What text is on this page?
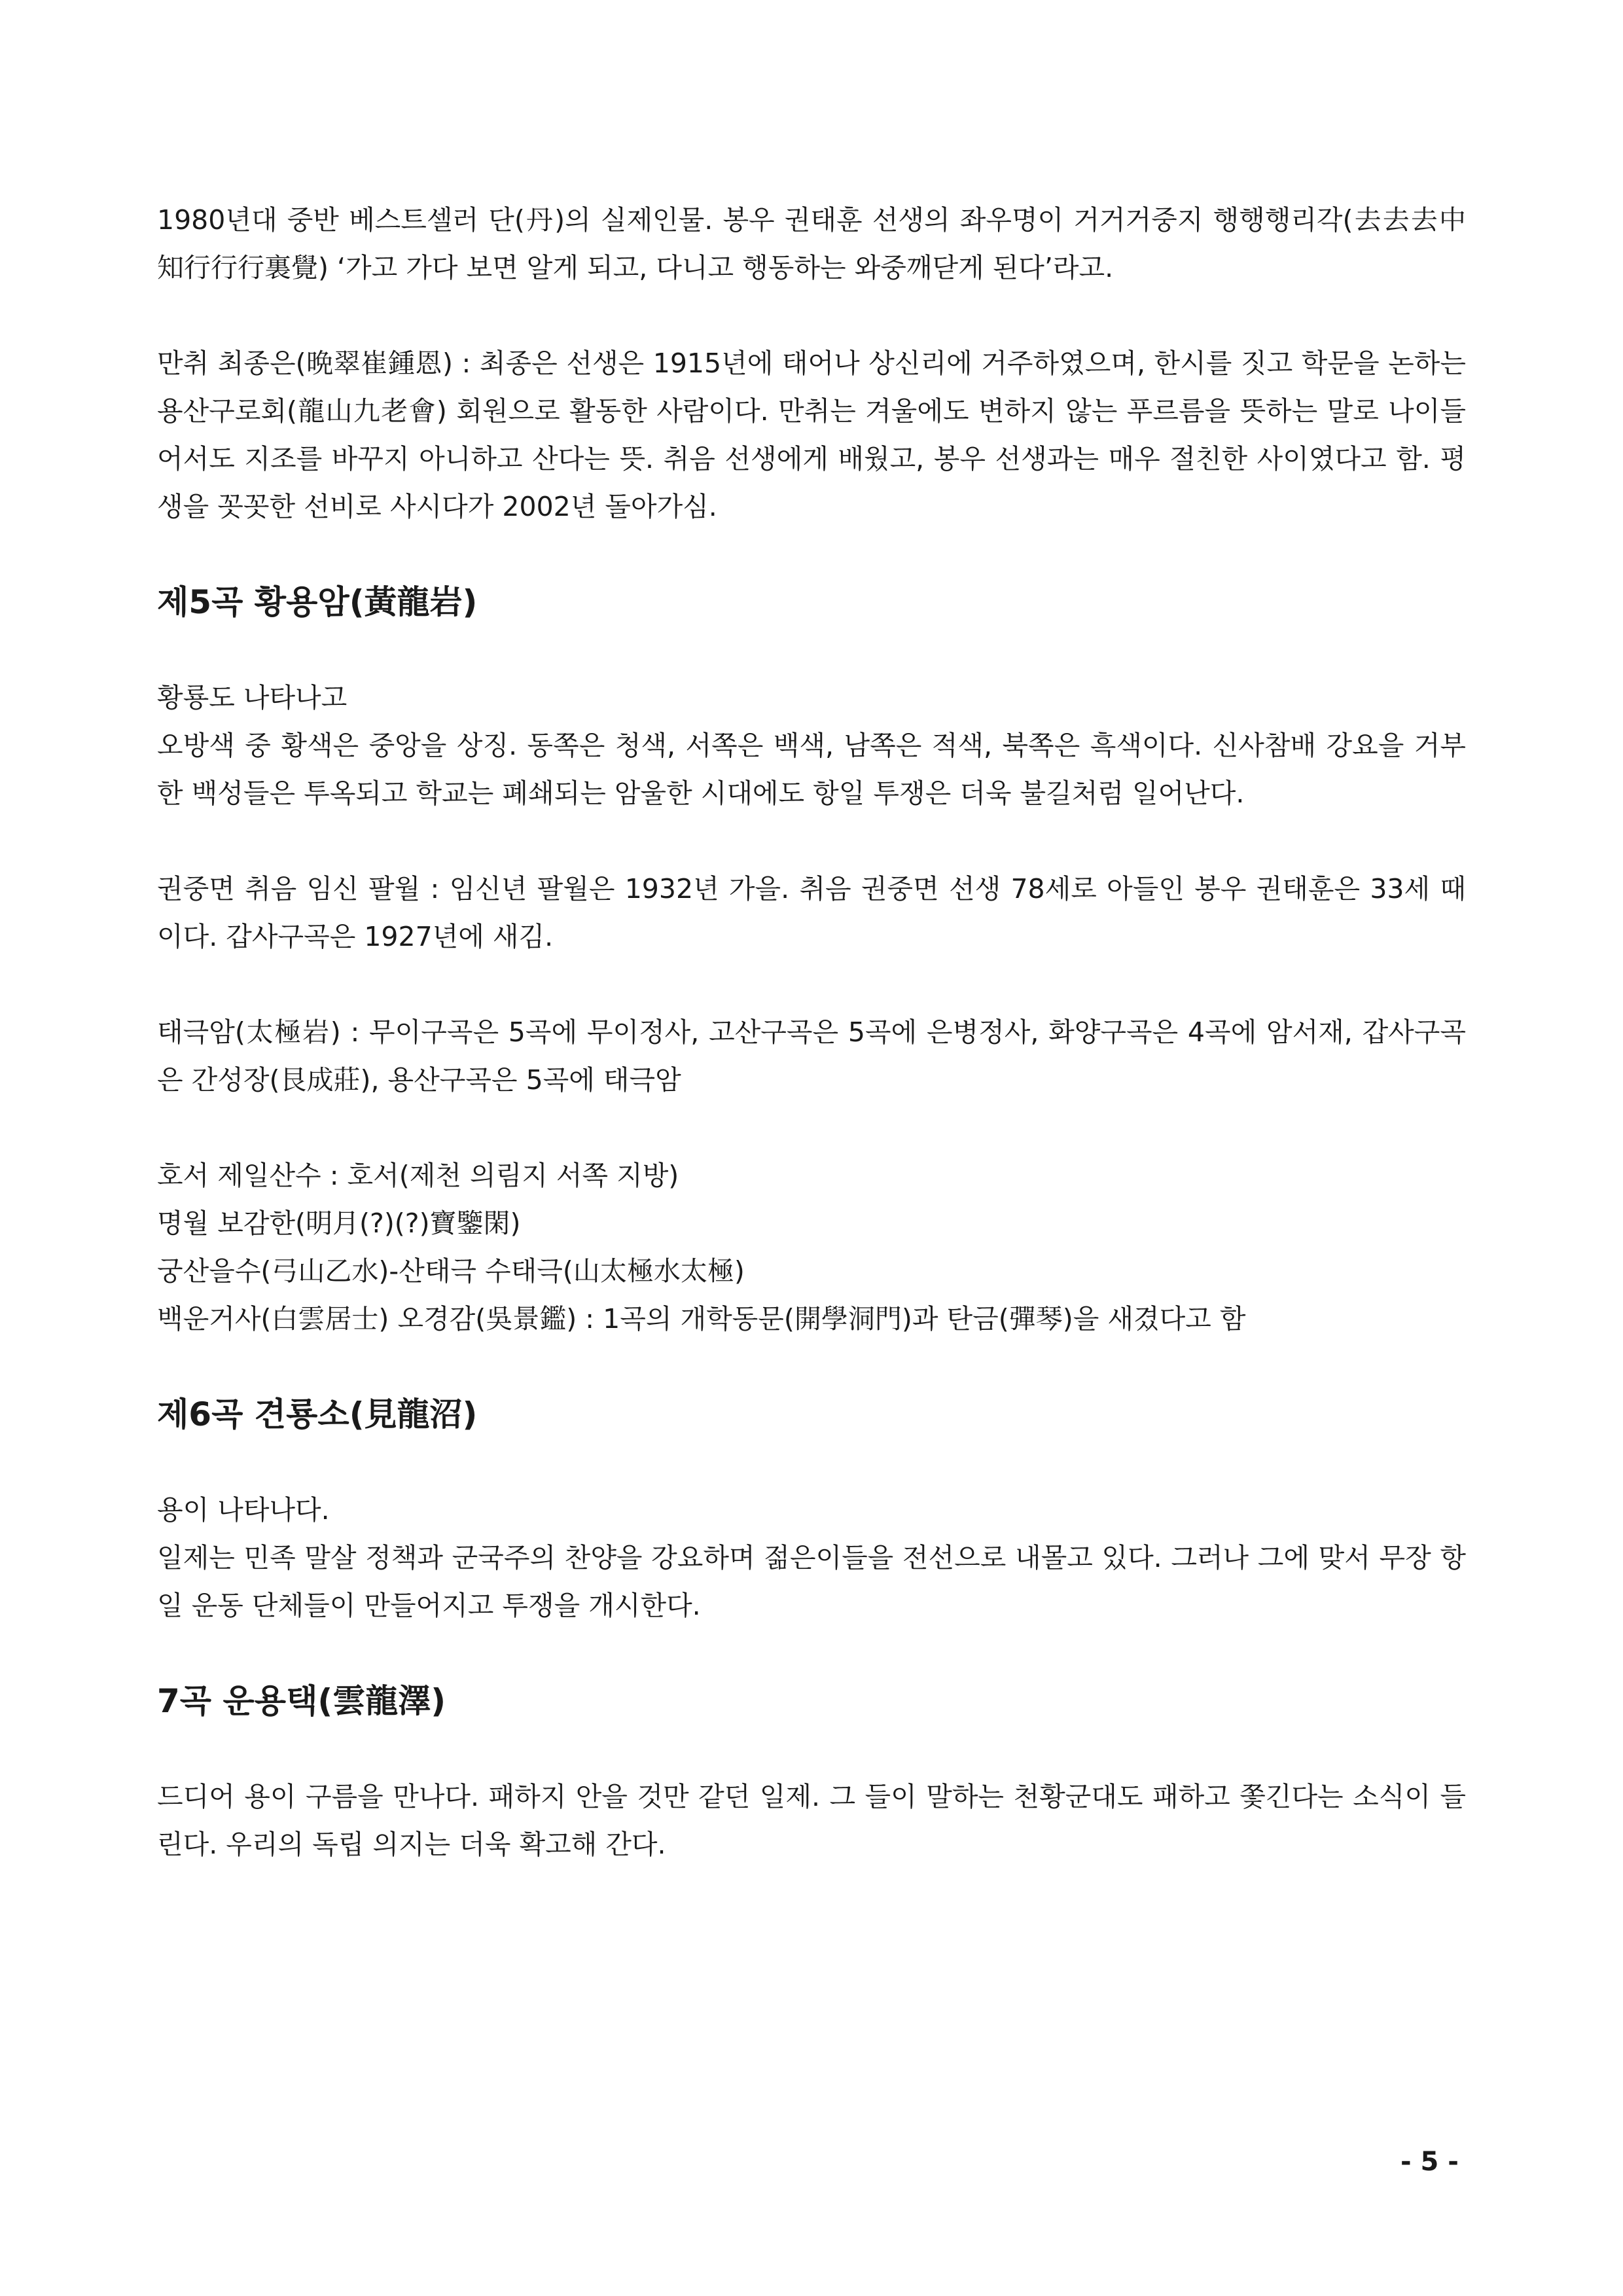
1980년대 중반 베스트셀러 단(丹)의 실제인물. 봉우 권태훈 선생의 좌우명이 거거거중지 행행행리각(去去去中知行行行裏覺) ‘가고 가다 보면 알게 되고, 다니고 행동하는 와중깨닫게 된다’라고.

만취 최종은(晩翠崔鍾恩) : 최종은 선생은 1915년에 태어나 상신리에 거주하였으며, 한시를 짓고 학문을 논하는 용산구로회(龍山九老會) 회원으로 활동한 사람이다. 만취는 겨울에도 변하지 않는 푸르름을 뜻하는 말로 나이들어서도 지조를 바꾸지 아니하고 산다는 뜻. 취음 선생에게 배웠고, 봉우 선생과는 매우 절친한 사이였다고 함. 평생을 꼿꼿한 선비로 사시다가 2002년 돌아가심.

제5곡 황용암(黃龍岩)
황룡도 나타나고

오방색 중 황색은 중앙을 상징. 동쪽은 청색, 서쪽은 백색, 남쪽은 적색, 북쪽은 흑색이다. 신사참배 강요을 거부한 백성들은 투옥되고 학교는 폐쇄되는 암울한 시대에도 항일 투쟁은 더욱 불길처럼 일어난다.

권중면 취음 임신 팔월 : 임신년 팔월은 1932년 가을. 취음 권중면 선생 78세로 아들인 봉우 권태훈은 33세 때이다. 갑사구곡은 1927년에 새김.

태극암(太極岩) : 무이구곡은 5곡에 무이정사, 고산구곡은 5곡에 은병정사, 화양구곡은 4곡에 암서재, 갑사구곡은 간성장(艮成莊), 용산구곡은 5곡에 태극암

호서 제일산수 : 호서(제천 의림지 서쪽 지방)
명월 보감한(明月(?)(?)寶鑒閑)
궁산을수(弓山乙水)-산태극 수태극(山太極水太極)
백운거사(白雲居士) 오경감(吳景鑑) : 1곡의 개학동문(開學洞門)과 탄금(彈琴)을 새겼다고 함
제6곡 견룡소(見龍沼)
용이 나타나다.

일제는 민족 말살 정책과 군국주의 찬양을 강요하며 젊은이들을 전선으로 내몰고 있다. 그러나 그에 맞서 무장 항일 운동 단체들이 만들어지고 투쟁을 개시한다.

7곡 운용택(雲龍澤)

드디어 용이 구름을 만나다. 패하지 안을 것만 같던 일제. 그 들이 말하는 천황군대도 패하고 쫓긴다는 소식이 들린다. 우리의 독립 의지는 더욱 확고해 간다.

- 5 -
